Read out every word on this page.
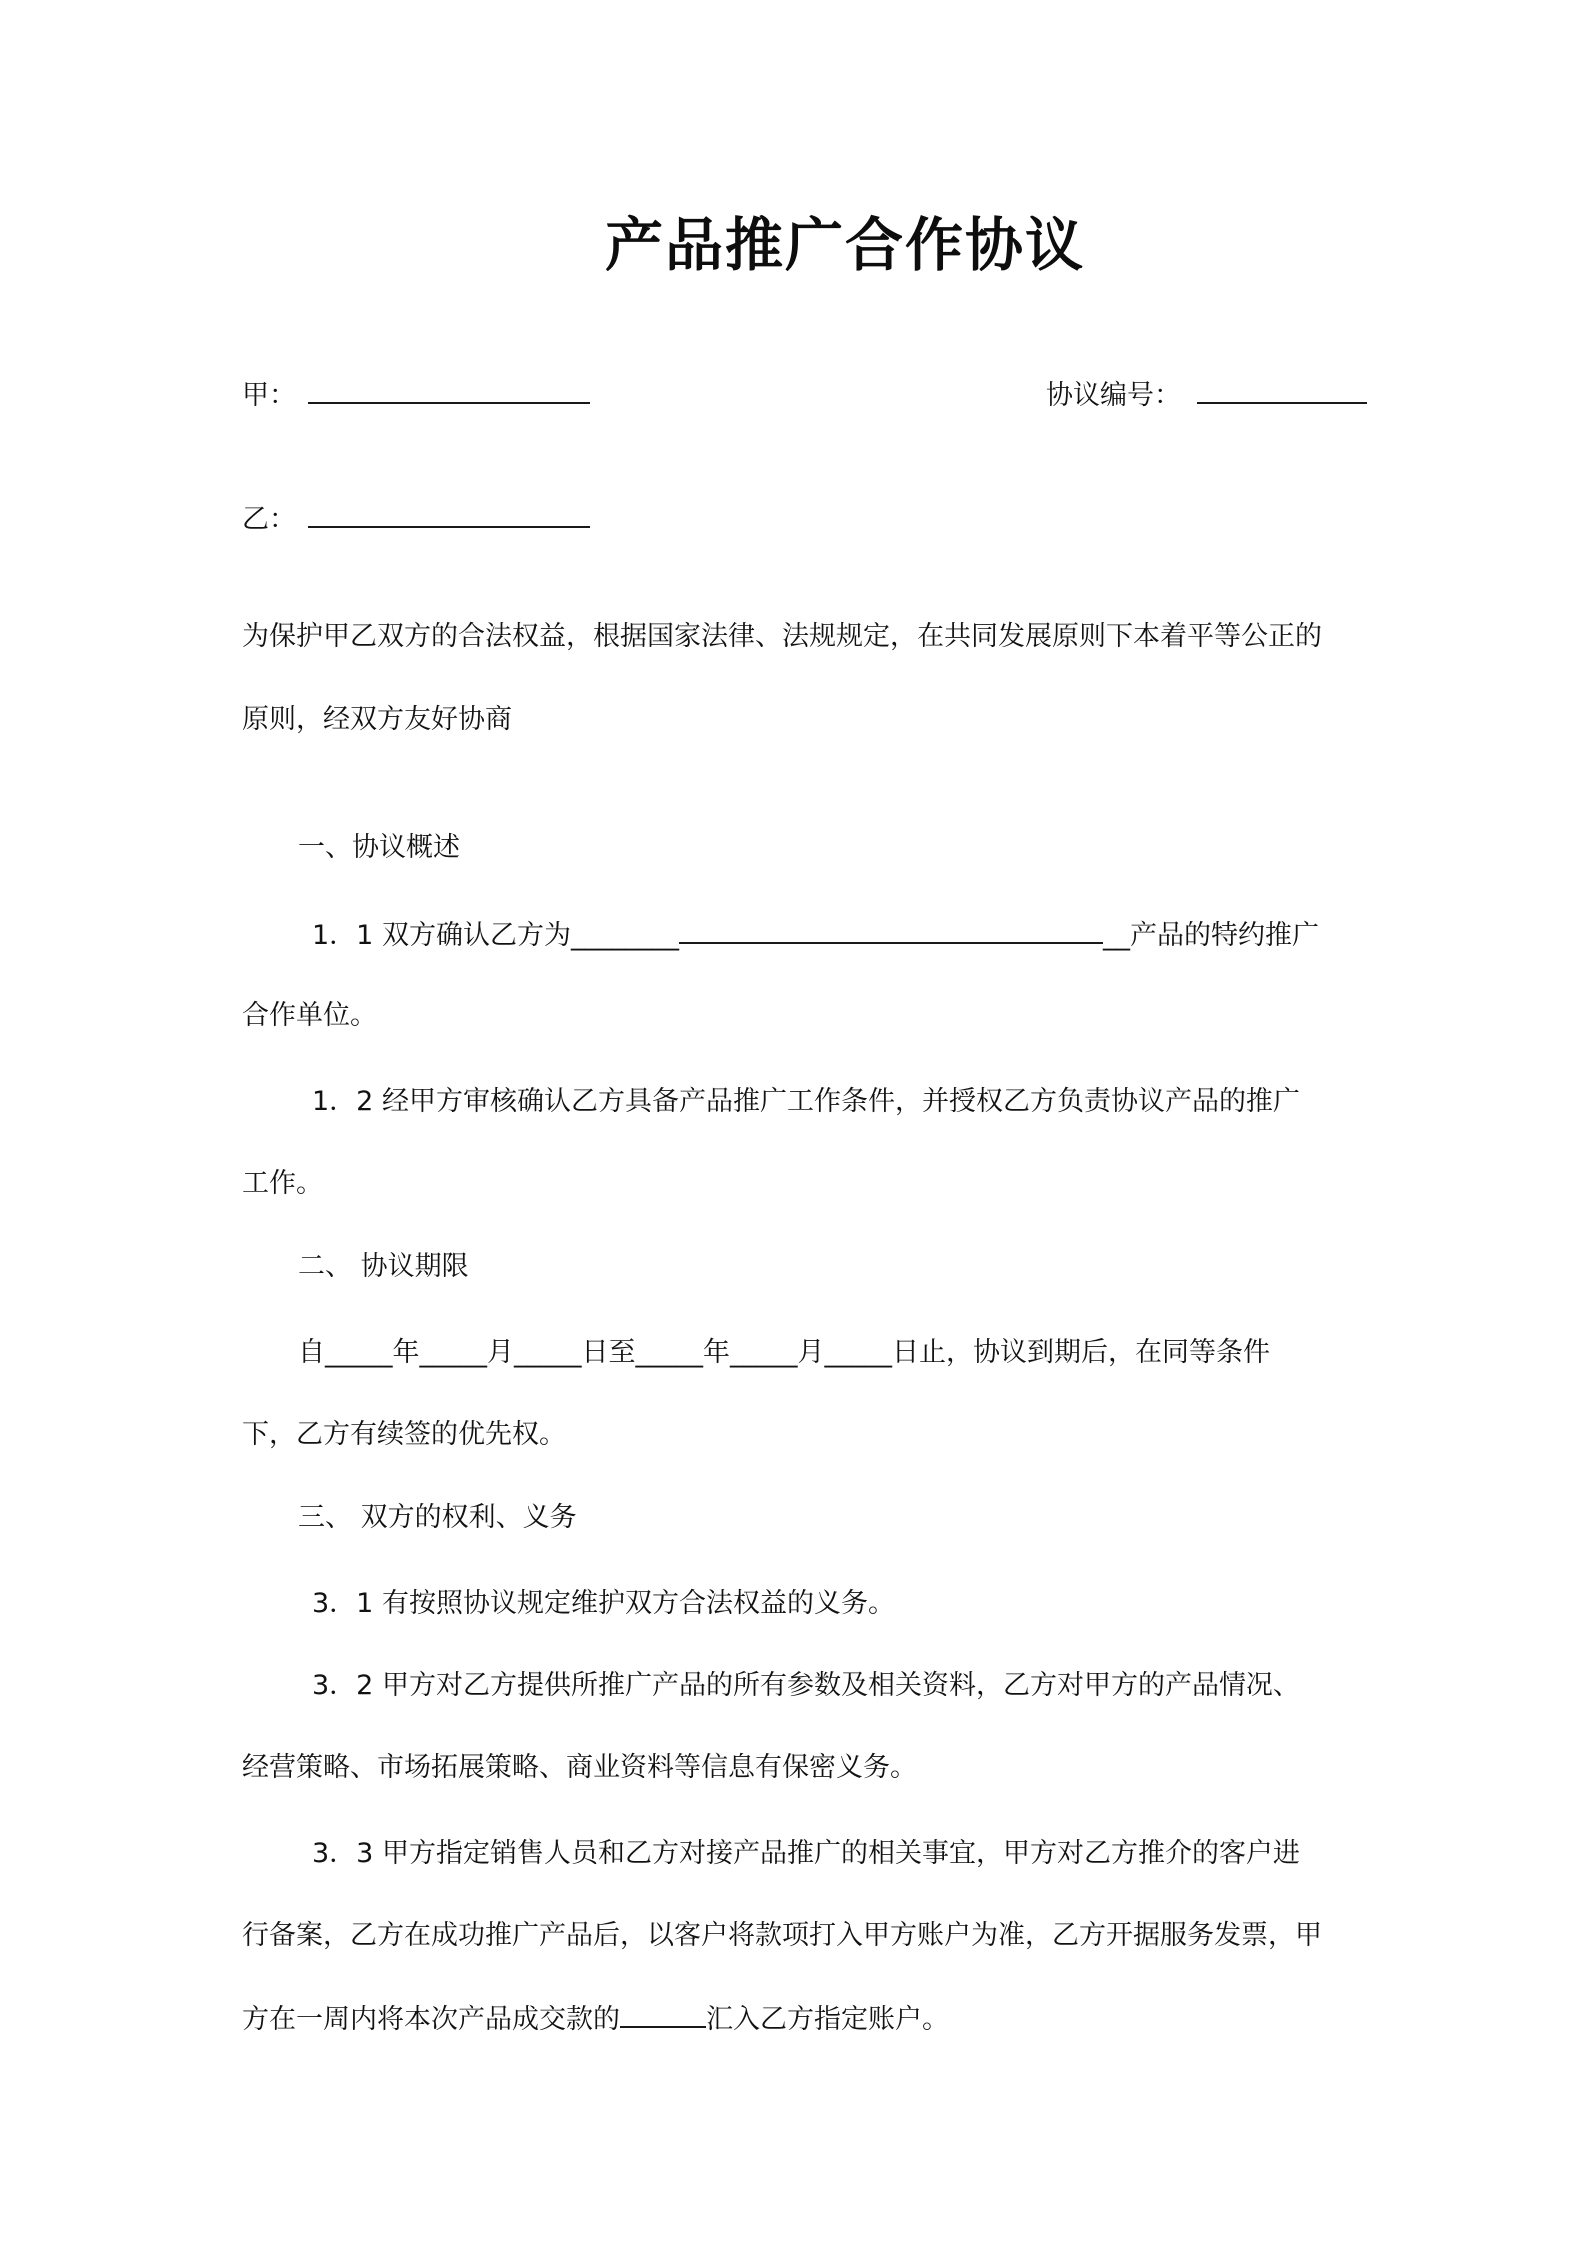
产品推广合作协议
甲：	协议编号：
乙：
为保护甲乙双方的合法权益，根据国家法律、法规规定，在共同发展原则下本着平等公正的
原则，经双方友好协商
一、协议概述
1．1 双方确认乙方为________	__产品的特约推广
合作单位。
1．2 经甲方审核确认乙方具备产品推广工作条件，并授权乙方负责协议产品的推广
工作。
二、 协议期限
自_____年_____月_____日至_____年_____月_____日止，协议到期后，在同等条件
下，乙方有续签的优先权。
三、 双方的权利、义务
3．1 有按照协议规定维护双方合法权益的义务。
3．2 甲方对乙方提供所推广产品的所有参数及相关资料，乙方对甲方的产品情况、
经营策略、市场拓展策略、商业资料等信息有保密义务。
3．3 甲方指定销售人员和乙方对接产品推广的相关事宜，甲方对乙方推介的客户进
行备案，乙方在成功推广产品后，以客户将款项打入甲方账户为准，乙方开据服务发票，甲
方在一周内将本次产品成交款的	汇入乙方指定账户。
